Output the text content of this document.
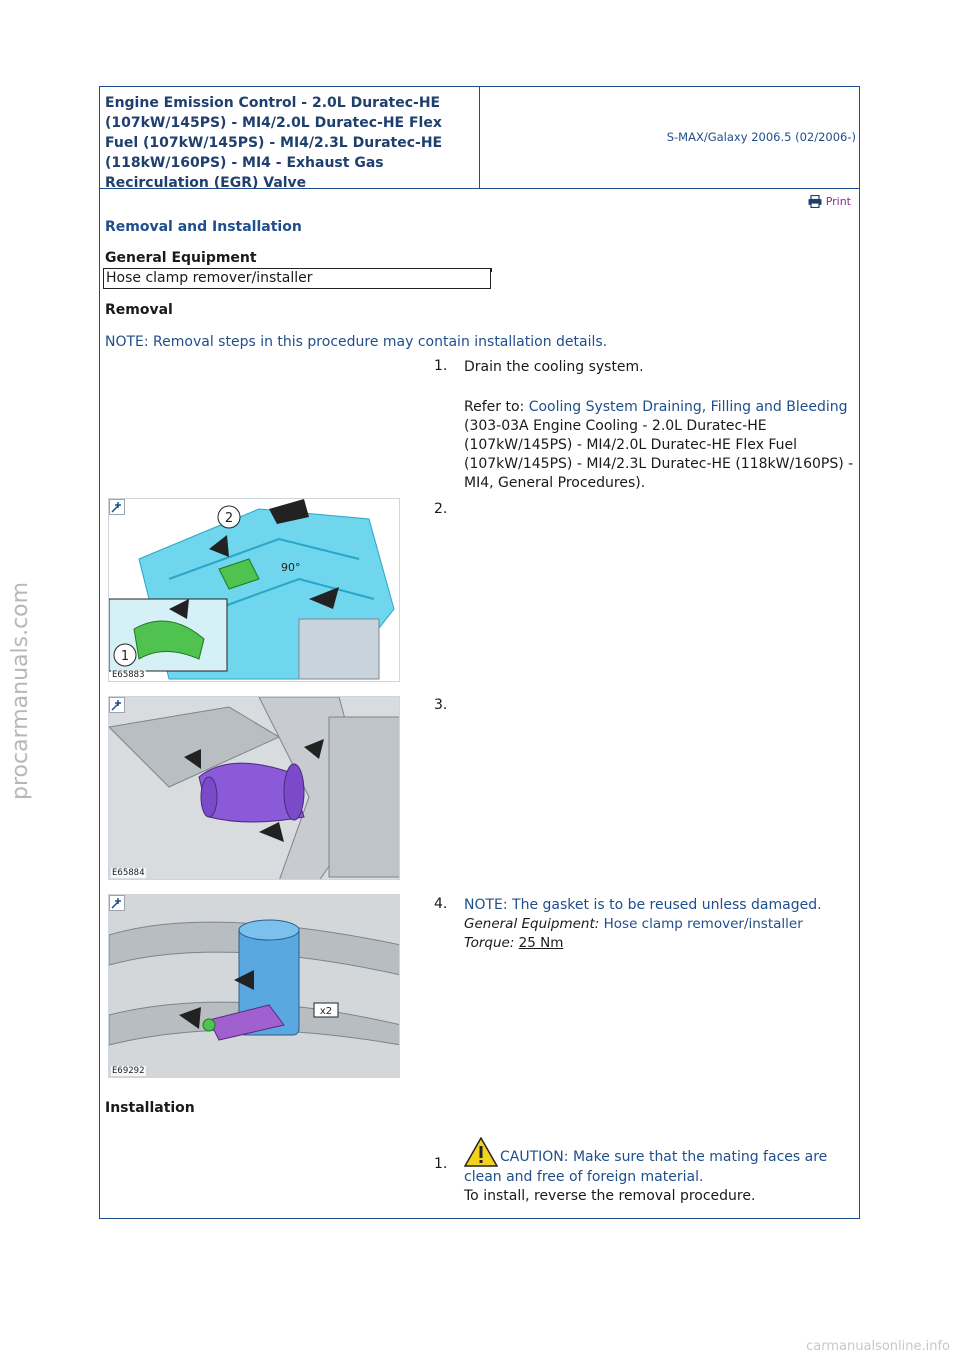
Engine Emission Control - 2.0L Duratec-HE (107kW/145PS) - MI4/2.0L Duratec-HE Flex Fuel (107kW/145PS) - MI4/2.3L Duratec-HE (118kW/160PS) - MI4 - Exhaust Gas Recirculation (EGR) Valve
S-MAX/Galaxy 2006.5 (02/2006-)
Print
Removal and Installation
General Equipment
Hose clamp remover/installer
Removal
NOTE: Removal steps in this procedure may contain installation details.
1.	Drain the cooling system.
Refer to: Cooling System Draining, Filling and Bleeding (303-03A Engine Cooling - 2.0L Duratec-HE (107kW/145PS) - MI4/2.0L Duratec-HE Flex Fuel (107kW/145PS) - MI4/2.3L Duratec-HE (118kW/160PS) - MI4, General Procedures).
2.
2
90°
1
E65883
3.
E65884
4.	NOTE: The gasket is to be reused unless damaged.
General Equipment: Hose clamp remover/installer
Torque: 25 Nm
x2
E69292
Installation
1.	CAUTION: Make sure that the mating faces are clean and free of foreign material.
To install, reverse the removal procedure.
procarmanuals.com
carmanualsonline.info
